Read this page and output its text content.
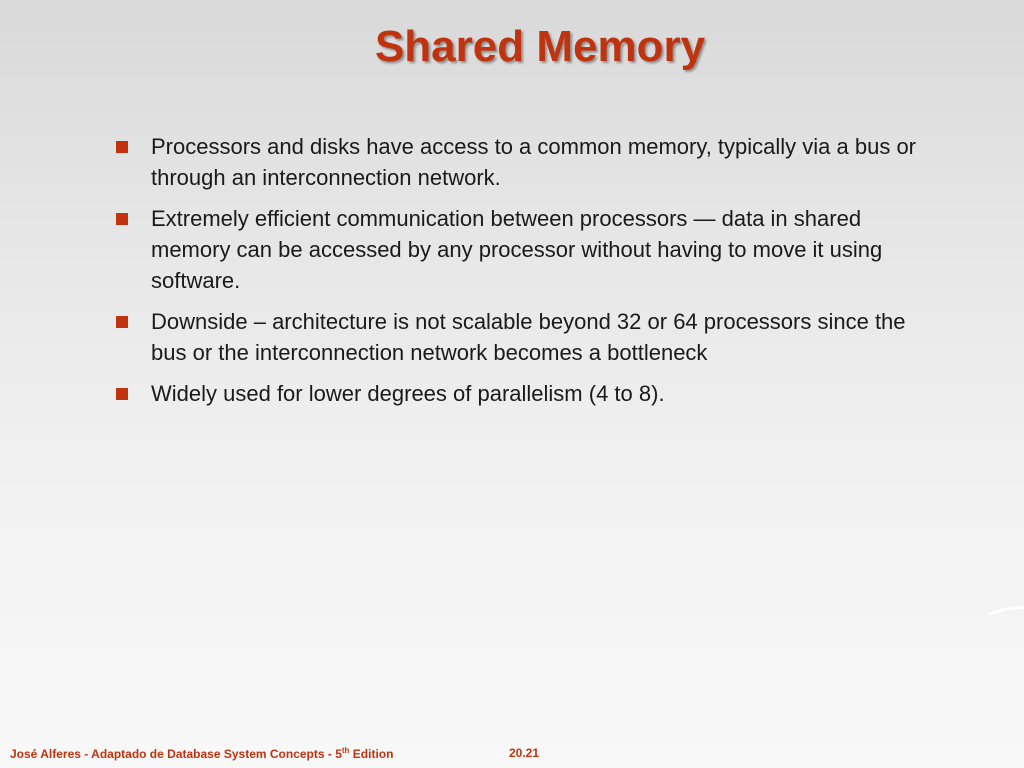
Shared Memory
Processors and disks have access to a common memory, typically via a bus or through an interconnection network.
Extremely efficient communication between processors — data in shared memory can be accessed by any processor without having to move it using software.
Downside – architecture is not scalable beyond 32 or 64 processors since the bus or the interconnection network becomes a bottleneck
Widely used for lower degrees of parallelism (4 to 8).
José Alferes - Adaptado de Database System Concepts - 5th Edition	20.21
